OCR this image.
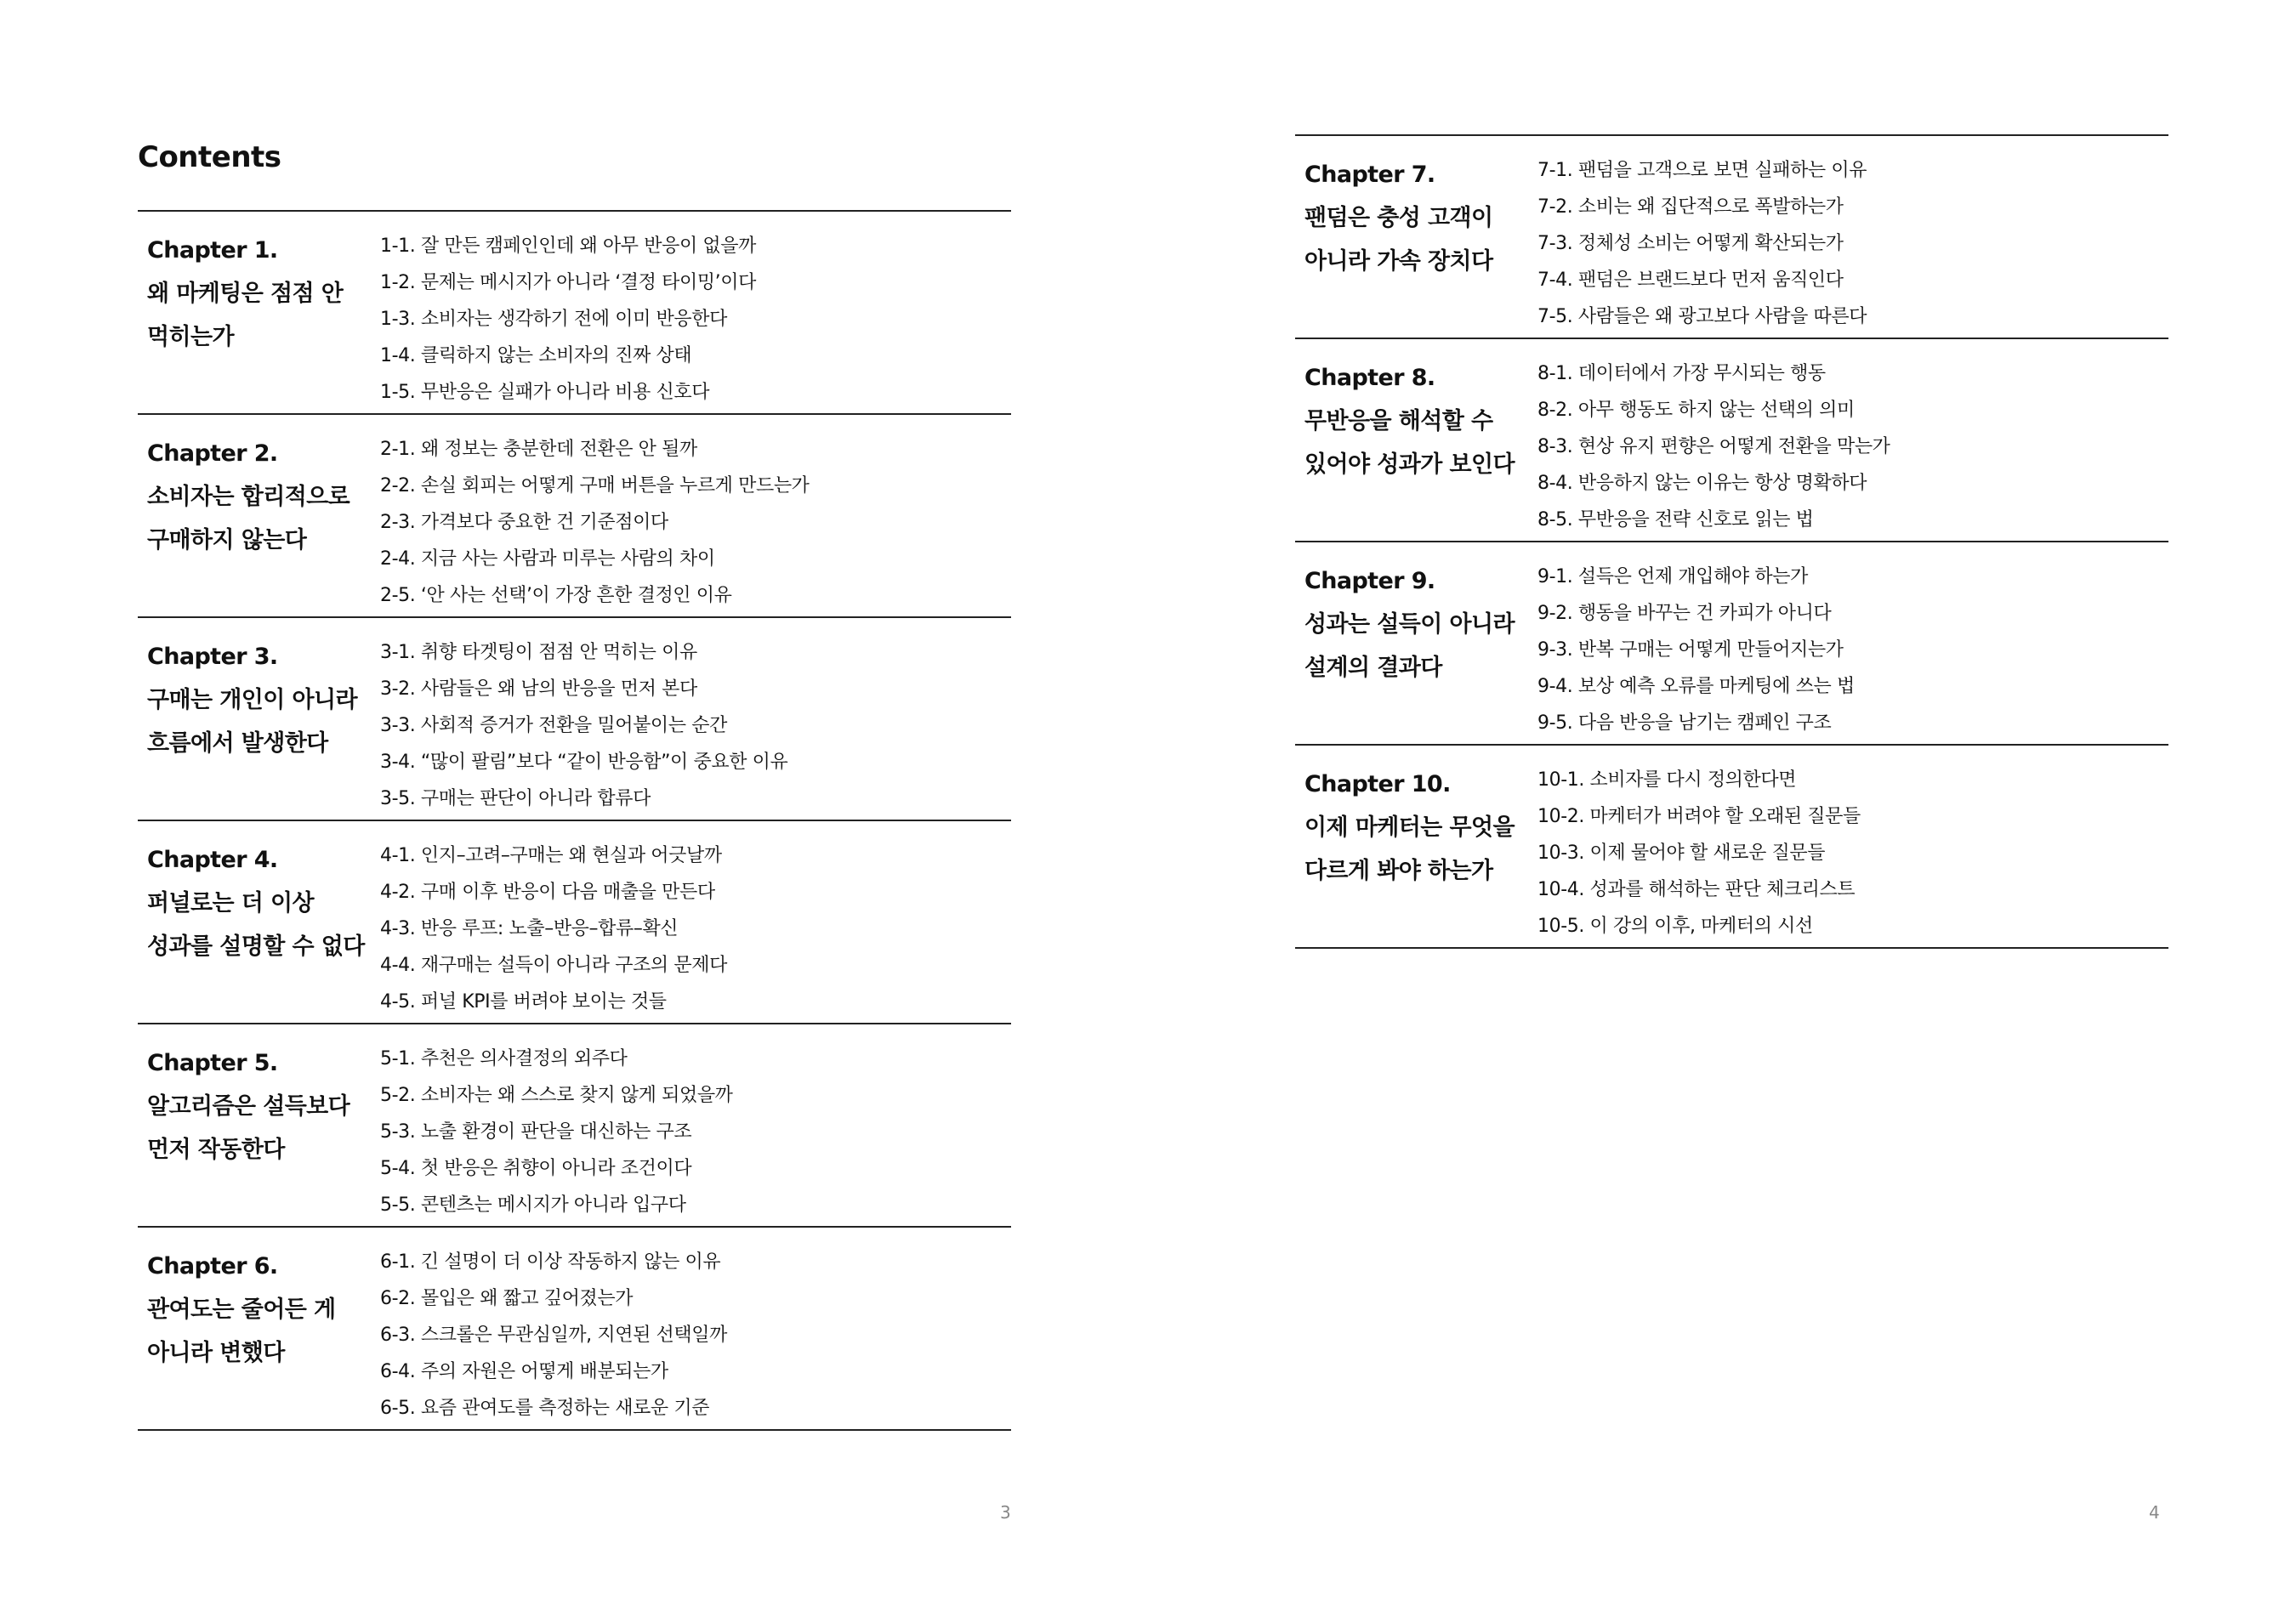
Contents
Chapter 1.
왜 마케팅은 점점 안
먹히는가
1-1. 잘 만든 캠페인인데 왜 아무 반응이 없을까
1-2. 문제는 메시지가 아니라 ‘결정 타이밍’이다
1-3. 소비자는 생각하기 전에 이미 반응한다
1-4. 클릭하지 않는 소비자의 진짜 상태
1-5. 무반응은 실패가 아니라 비용 신호다
Chapter 2.
소비자는 합리적으로
구매하지 않는다
2-1. 왜 정보는 충분한데 전환은 안 될까
2-2. 손실 회피는 어떻게 구매 버튼을 누르게 만드는가
2-3. 가격보다 중요한 건 기준점이다
2-4. 지금 사는 사람과 미루는 사람의 차이
2-5. ‘안 사는 선택’이 가장 흔한 결정인 이유
Chapter 3.
구매는 개인이 아니라
흐름에서 발생한다
3-1. 취향 타겟팅이 점점 안 먹히는 이유
3-2. 사람들은 왜 남의 반응을 먼저 본다
3-3. 사회적 증거가 전환을 밀어붙이는 순간
3-4. “많이 팔림”보다 “같이 반응함”이 중요한 이유
3-5. 구매는 판단이 아니라 합류다
Chapter 4.
퍼널로는 더 이상
성과를 설명할 수 없다
4-1. 인지–고려–구매는 왜 현실과 어긋날까
4-2. 구매 이후 반응이 다음 매출을 만든다
4-3. 반응 루프: 노출–반응–합류–확신
4-4. 재구매는 설득이 아니라 구조의 문제다
4-5. 퍼널 KPI를 버려야 보이는 것들
Chapter 5.
알고리즘은 설득보다
먼저 작동한다
5-1. 추천은 의사결정의 외주다
5-2. 소비자는 왜 스스로 찾지 않게 되었을까
5-3. 노출 환경이 판단을 대신하는 구조
5-4. 첫 반응은 취향이 아니라 조건이다
5-5. 콘텐츠는 메시지가 아니라 입구다
Chapter 6.
관여도는 줄어든 게
아니라 변했다
6-1. 긴 설명이 더 이상 작동하지 않는 이유
6-2. 몰입은 왜 짧고 깊어졌는가
6-3. 스크롤은 무관심일까, 지연된 선택일까
6-4. 주의 자원은 어떻게 배분되는가
6-5. 요즘 관여도를 측정하는 새로운 기준
3
Chapter 7.
팬덤은 충성 고객이
아니라 가속 장치다
7-1. 팬덤을 고객으로 보면 실패하는 이유
7-2. 소비는 왜 집단적으로 폭발하는가
7-3. 정체성 소비는 어떻게 확산되는가
7-4. 팬덤은 브랜드보다 먼저 움직인다
7-5. 사람들은 왜 광고보다 사람을 따른다
Chapter 8.
무반응을 해석할 수
있어야 성과가 보인다
8-1. 데이터에서 가장 무시되는 행동
8-2. 아무 행동도 하지 않는 선택의 의미
8-3. 현상 유지 편향은 어떻게 전환을 막는가
8-4. 반응하지 않는 이유는 항상 명확하다
8-5. 무반응을 전략 신호로 읽는 법
Chapter 9.
성과는 설득이 아니라
설계의 결과다
9-1. 설득은 언제 개입해야 하는가
9-2. 행동을 바꾸는 건 카피가 아니다
9-3. 반복 구매는 어떻게 만들어지는가
9-4. 보상 예측 오류를 마케팅에 쓰는 법
9-5. 다음 반응을 남기는 캠페인 구조
Chapter 10.
이제 마케터는 무엇을
다르게 봐야 하는가
10-1. 소비자를 다시 정의한다면
10-2. 마케터가 버려야 할 오래된 질문들
10-3. 이제 물어야 할 새로운 질문들
10-4. 성과를 해석하는 판단 체크리스트
10-5. 이 강의 이후, 마케터의 시선
4
